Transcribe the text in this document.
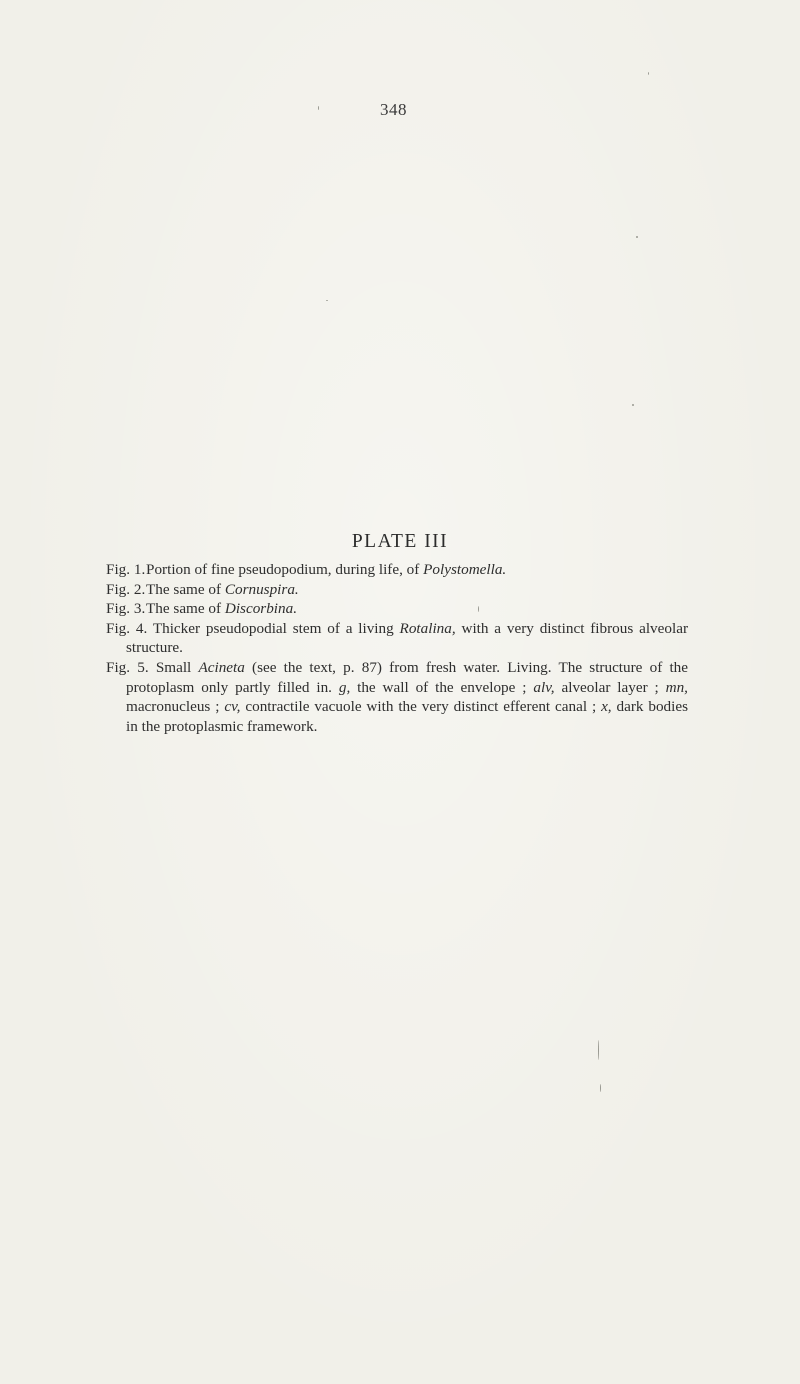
348
PLATE III
Fig. 1. Portion of fine pseudopodium, during life, of Polystomella.
Fig. 2. The same of Cornuspira.
Fig. 3. The same of Discorbina.
Fig. 4. Thicker pseudopodial stem of a living Rotalina, with a very distinct fibrous alveolar structure.
Fig. 5. Small Acineta (see the text, p. 87) from fresh water. Living. The structure of the protoplasm only partly filled in. g, the wall of the envelope ; alv, alveolar layer ; mn, macronucleus ; cv, contractile vacuole with the very distinct efferent canal ; x, dark bodies in the protoplasmic framework.
